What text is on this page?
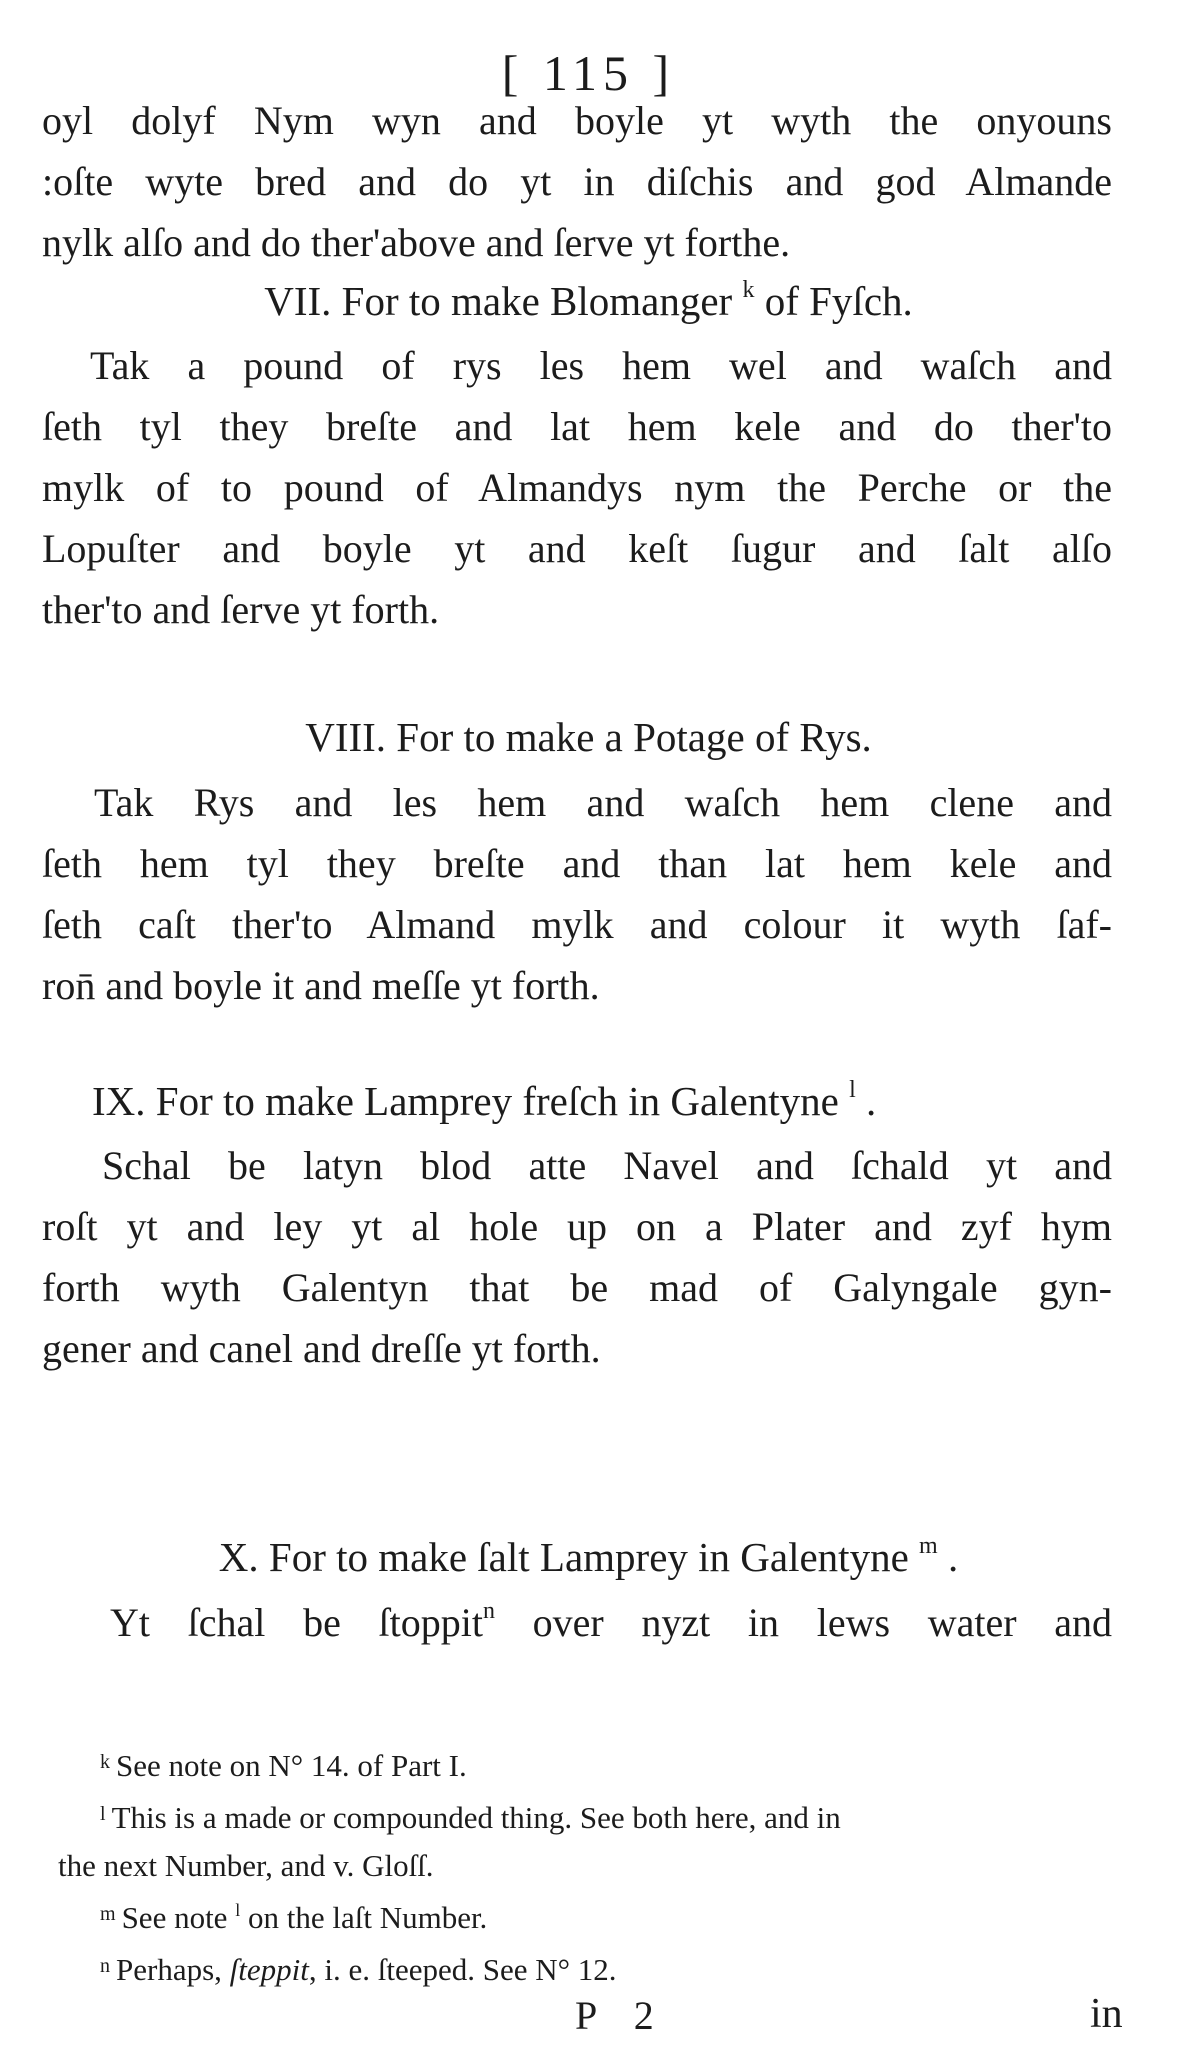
[ 115 ]
oyl dolyf Nym wyn and boyle yt wyth the onyouns
:oſte wyte bred and do yt in diſchis and god Almande
nylk alſo and do ther'above and ſerve yt forthe.
VII. For to make Blomanger $^k$ of Fyſch.
Tak a pound of rys les hem wel and waſch and
ſeth tyl they breſte and lat hem kele and do ther'to
mylk of to pound of Almandys nym the Perche or the
Lopuſter and boyle yt and keſt ſugur and ſalt alſo
ther'to and ſerve yt forth.
VIII. For to make a Potage of Rys.
Tak Rys and les hem and waſch hem clene and
ſeth hem tyl they breſte and than lat hem kele and
ſeth caſt ther'to Almand mylk and colour it wyth ſaf-
ron̄ and boyle it and meſſe yt forth.
IX. For to make Lamprey freſch in Galentyne $^l$ .
Schal be latyn blod atte Navel and ſchald yt and
roſt yt and ley yt al hole up on a Plater and zyf hym
forth wyth Galentyn that be mad of Galyngale gyn-
gener and canel and dreſſe yt forth.
X. For to make ſalt Lamprey in Galentyne $^m$ .
Yt ſchal be ſtoppit$^n$ over nyzt in lews water and
$^k$ See note on N° 14. of Part I.
$^l$ This is a made or compounded thing. See both here, and in
the next Number, and v. Gloſſ.
$^m$ See note $^l$ on the laſt Number.
$^n$ Perhaps, ſteppit, i. e. ſteeped. See N° 12.
P 2	in
